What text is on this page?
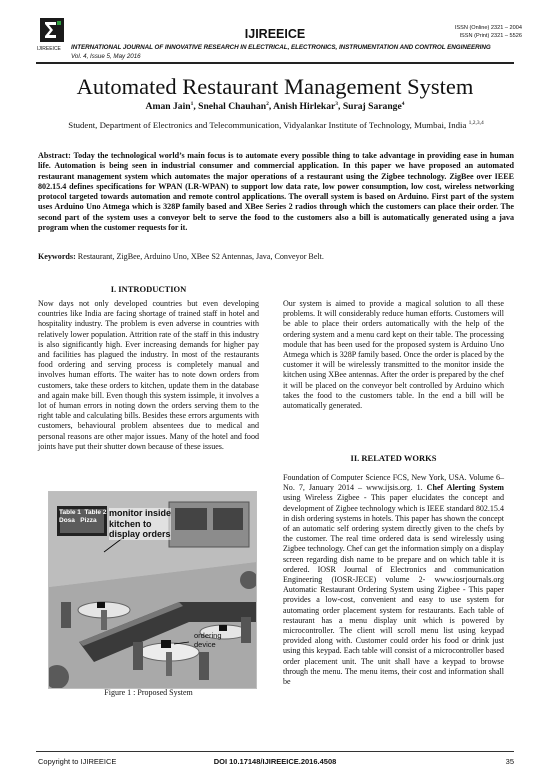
IJIREEICE
IJIREEICE	ISSN (Online) 2321 – 2004
ISSN (Print) 2321 – 5526
INTERNATIONAL JOURNAL OF INNOVATIVE RESEARCH IN ELECTRICAL, ELECTRONICS, INSTRUMENTATION AND CONTROL ENGINEERING
Vol. 4, Issue 5, May 2016
Automated Restaurant Management System
Aman Jain$^1$, Snehal Chauhan$^2$, Anish Hirlekar$^3$, Suraj Sarange$^4$
Student, Department of Electronics and Telecommunication, Vidyalankar Institute of Technology, Mumbai, India $^{1,2,3,4}$
Abstract: Today the technological world’s main focus is to automate every possible thing to take advantage in providing ease in human life. Automation is being seen in industrial consumer and commercial application. In this paper we have proposed an automated restaurant management system which automates the major operations of a restaurant using the Zigbee technology. ZigBee over IEEE 802.15.4 defines specifications for WPAN (LR-WPAN) to support low data rate, low power consumption, low cost, wireless networking protocol targeted towards automation and remote control applications. The overall system is based on Arduino. First part of the system uses Arduino Uno Atmega which is 328P family based and XBee Series 2 radios through which the customers can place their order. The second part of the system uses a conveyor belt to serve the food to the customers also a bill is automatically generated using a java program when the customer requests for it.
Keywords: Restaurant, ZigBee, Arduino Uno, XBee S2 Antennas, Java, Conveyor Belt.
I. INTRODUCTION
Now days not only developed countries but even developing countries like India are facing shortage of trained staff in hotel and hospitality industry. The problem is even adverse in countries with relatively lower population. Attrition rate of the staff in this industry is also significantly high. Ever increasing demands for higher pay and facilities has plagued the industry. In most of the restaurants food ordering and serving process is completely manual and involves human efforts. The waiter has to note down orders from customers, take these orders to kitchen, update them in the database and again make bill. Even though this system issimple, it involves a lot of human errors in noting down the orders serving them to the right table and calculating bills. Besides these errors arguments with customers, behavioural problem absentees due to medical and personal reasons are other major issues. Many of the hotel and food joints have put their shutter down because of these issues.
Our system is aimed to provide a magical solution to all these problems. It will considerably reduce human efforts. Customers will be able to place their orders automatically with the help of the ordering system and a menu card kept on their table. The processing module that has been used for the proposed system is Arduino Uno Atmega which is 328P family based. Once the order is placed by the customer it will be wirelessly transmitted to the monitor inside the kitchen using XBee antennas. After the order is prepared by the chef it will be placed on the conveyor belt controlled by Arduino which takes the food to the customers table. In the end a bill will be automatically generated.
II. RELATED WORKS
Foundation of Computer Science FCS, New York, USA. Volume 6– No. 7, January 2014 – www.ijsis.org. 1. Chef Alerting System using Wireless Zigbee - This paper elucidates the concept and development of Zigbee technology which is IEEE standard 802.15.4 in dish ordering systems in hotels. This paper has shown the concept of an automatic self ordering system directly given to the chefs by the customer. The real time ordered data is send wirelessly using Zigbee technology. Chef can get the information simply on a display screen regarding dish name to be prepare and on which table it is ordered. IOSR Journal of Electronics and communication Engineering (IOSR-JECE) volume 2- www.iosrjournals.org Automatic Restaurant Ordering System using Zigbee - This paper provides a low-cost, convenient and easy to use system for automating order placement system for restaurants. Each table of restaurant has a menu display unit which is powered by microcontroller. The client will scroll menu list using keypad provided along with. Customer could order his food or drink just using this keypad. Each table will consist of a microcontroller based order placement unit. The unit shall have a keypad to browse through the menu. The menu items, their cost and information shall be
Table 1  Table 2
Dosa   Pizza
monitor inside
kitchen to
display orders
ordering
device
Figure 1 : Proposed System
Copyright to IJIREEICE	DOI 10.17148/IJIREEICE.2016.4508	35
